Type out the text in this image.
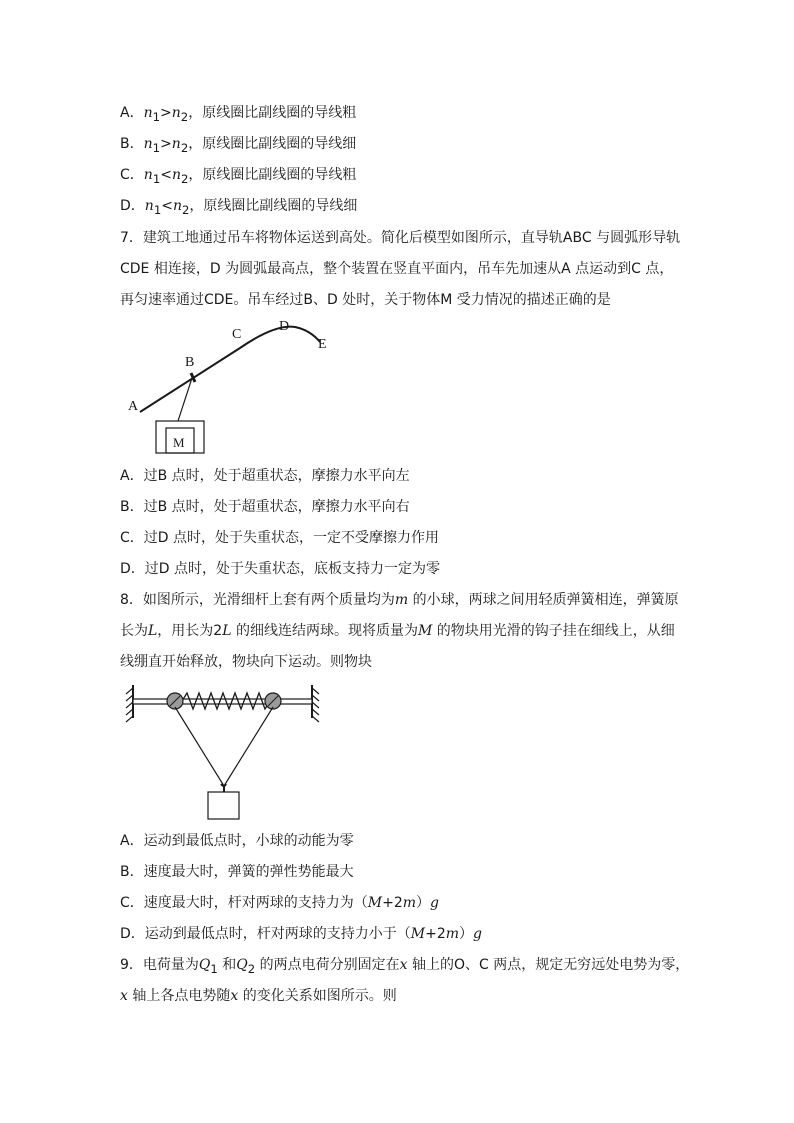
A．$n_1>n_2$，原线圈比副线圈的导线粗
B．$n_1>n_2$，原线圈比副线圈的导线细
C．$n_1<n_2$，原线圈比副线圈的导线粗
D．$n_1<n_2$，原线圈比副线圈的导线细
7．建筑工地通过吊车将物体运送到高处。简化后模型如图所示，直导轨ABC 与圆弧形导轨
CDE 相连接，D 为圆弧最高点，整个装置在竖直平面内，吊车先加速从A 点运动到C 点，
再匀速率通过CDE。吊车经过B、D 处时，关于物体M 受力情况的描述正确的是
A
B
C
D
E
M
A．过B 点时，处于超重状态，摩擦力水平向左
B．过B 点时，处于超重状态，摩擦力水平向右
C．过D 点时，处于失重状态，一定不受摩擦力作用
D．过D 点时，处于失重状态，底板支持力一定为零
8．如图所示，光滑细杆上套有两个质量均为m 的小球，两球之间用轻质弹簧相连，弹簧原
长为L，用长为2L 的细线连结两球。现将质量为M 的物块用光滑的钩子挂在细线上，从细
线绷直开始释放，物块向下运动。则物块
A．运动到最低点时，小球的动能为零
B．速度最大时，弹簧的弹性势能最大
C．速度最大时，杆对两球的支持力为（M+2m）g
D．运动到最低点时，杆对两球的支持力小于（M+2m）g
9．电荷量为$Q_1$ 和$Q_2$ 的两点电荷分别固定在x 轴上的O、C 两点，规定无穷远处电势为零，
x 轴上各点电势随x 的变化关系如图所示。则
